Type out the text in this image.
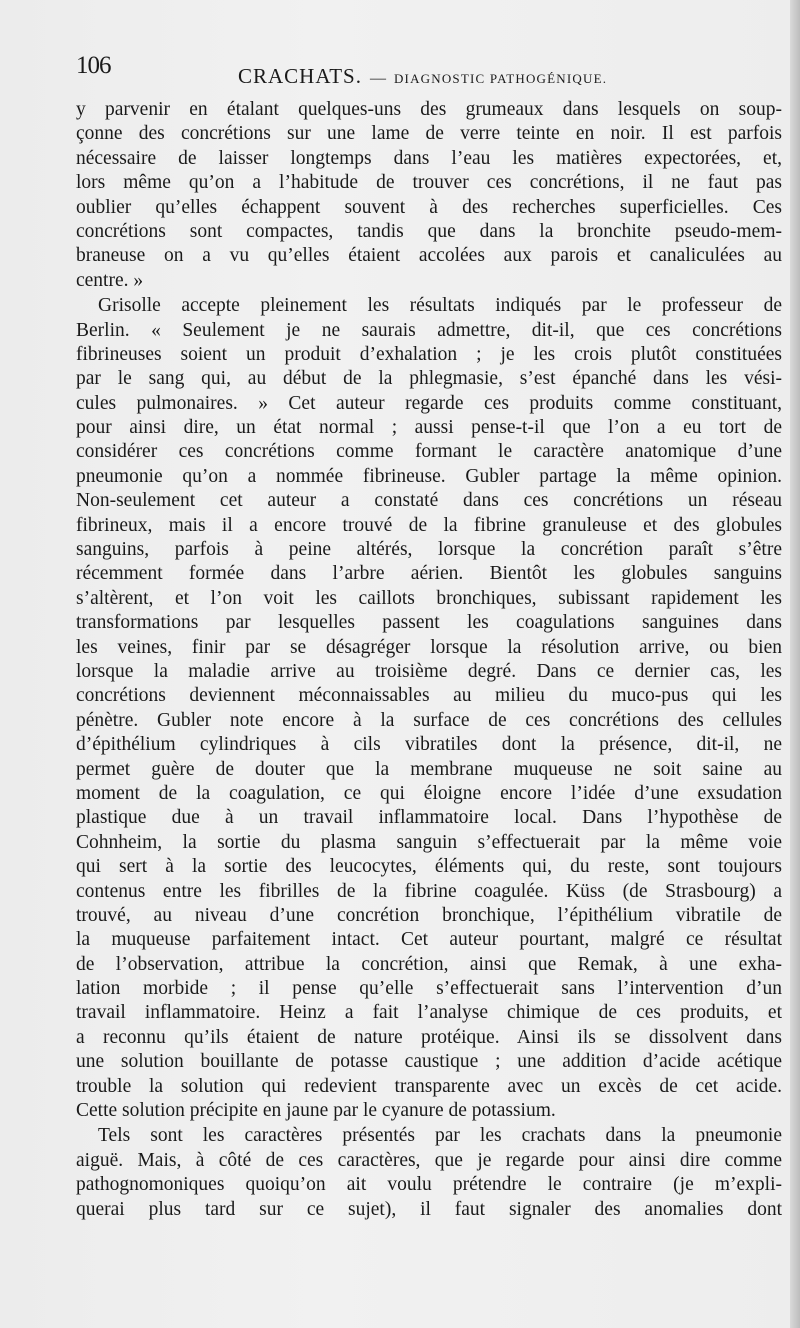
106	CRACHATS. — DIAGNOSTIC PATHOGÉNIQUE.
y parvenir en étalant quelques-uns des grumeaux dans lesquels on soup-
çonne des concrétions sur une lame de verre teinte en noir. Il est parfois
nécessaire de laisser longtemps dans l’eau les matières expectorées, et,
lors même qu’on a l’habitude de trouver ces concrétions, il ne faut pas
oublier qu’elles échappent souvent à des recherches superficielles. Ces
concrétions sont compactes, tandis que dans la bronchite pseudo-mem-
braneuse on a vu qu’elles étaient accolées aux parois et canaliculées au
centre. »
Grisolle accepte pleinement les résultats indiqués par le professeur de
Berlin. « Seulement je ne saurais admettre, dit-il, que ces concrétions
fibrineuses soient un produit d’exhalation ; je les crois plutôt constituées
par le sang qui, au début de la phlegmasie, s’est épanché dans les vési-
cules pulmonaires. » Cet auteur regarde ces produits comme constituant,
pour ainsi dire, un état normal ; aussi pense-t-il que l’on a eu tort de
considérer ces concrétions comme formant le caractère anatomique d’une
pneumonie qu’on a nommée fibrineuse. Gubler partage la même opinion.
Non-seulement cet auteur a constaté dans ces concrétions un réseau
fibrineux, mais il a encore trouvé de la fibrine granuleuse et des globules
sanguins, parfois à peine altérés, lorsque la concrétion paraît s’être
récemment formée dans l’arbre aérien. Bientôt les globules sanguins
s’altèrent, et l’on voit les caillots bronchiques, subissant rapidement les
transformations par lesquelles passent les coagulations sanguines dans
les veines, finir par se désagréger lorsque la résolution arrive, ou bien
lorsque la maladie arrive au troisième degré. Dans ce dernier cas, les
concrétions deviennent méconnaissables au milieu du muco-pus qui les
pénètre. Gubler note encore à la surface de ces concrétions des cellules
d’épithélium cylindriques à cils vibratiles dont la présence, dit-il, ne
permet guère de douter que la membrane muqueuse ne soit saine au
moment de la coagulation, ce qui éloigne encore l’idée d’une exsudation
plastique due à un travail inflammatoire local. Dans l’hypothèse de
Cohnheim, la sortie du plasma sanguin s’effectuerait par la même voie
qui sert à la sortie des leucocytes, éléments qui, du reste, sont toujours
contenus entre les fibrilles de la fibrine coagulée. Küss (de Strasbourg) a
trouvé, au niveau d’une concrétion bronchique, l’épithélium vibratile de
la muqueuse parfaitement intact. Cet auteur pourtant, malgré ce résultat
de l’observation, attribue la concrétion, ainsi que Remak, à une exha-
lation morbide ; il pense qu’elle s’effectuerait sans l’intervention d’un
travail inflammatoire. Heinz a fait l’analyse chimique de ces produits, et
a reconnu qu’ils étaient de nature protéique. Ainsi ils se dissolvent dans
une solution bouillante de potasse caustique ; une addition d’acide acétique
trouble la solution qui redevient transparente avec un excès de cet acide.
Cette solution précipite en jaune par le cyanure de potassium.
Tels sont les caractères présentés par les crachats dans la pneumonie
aiguë. Mais, à côté de ces caractères, que je regarde pour ainsi dire comme
pathognomoniques quoiqu’on ait voulu prétendre le contraire (je m’expli-
querai plus tard sur ce sujet), il faut signaler des anomalies dont
